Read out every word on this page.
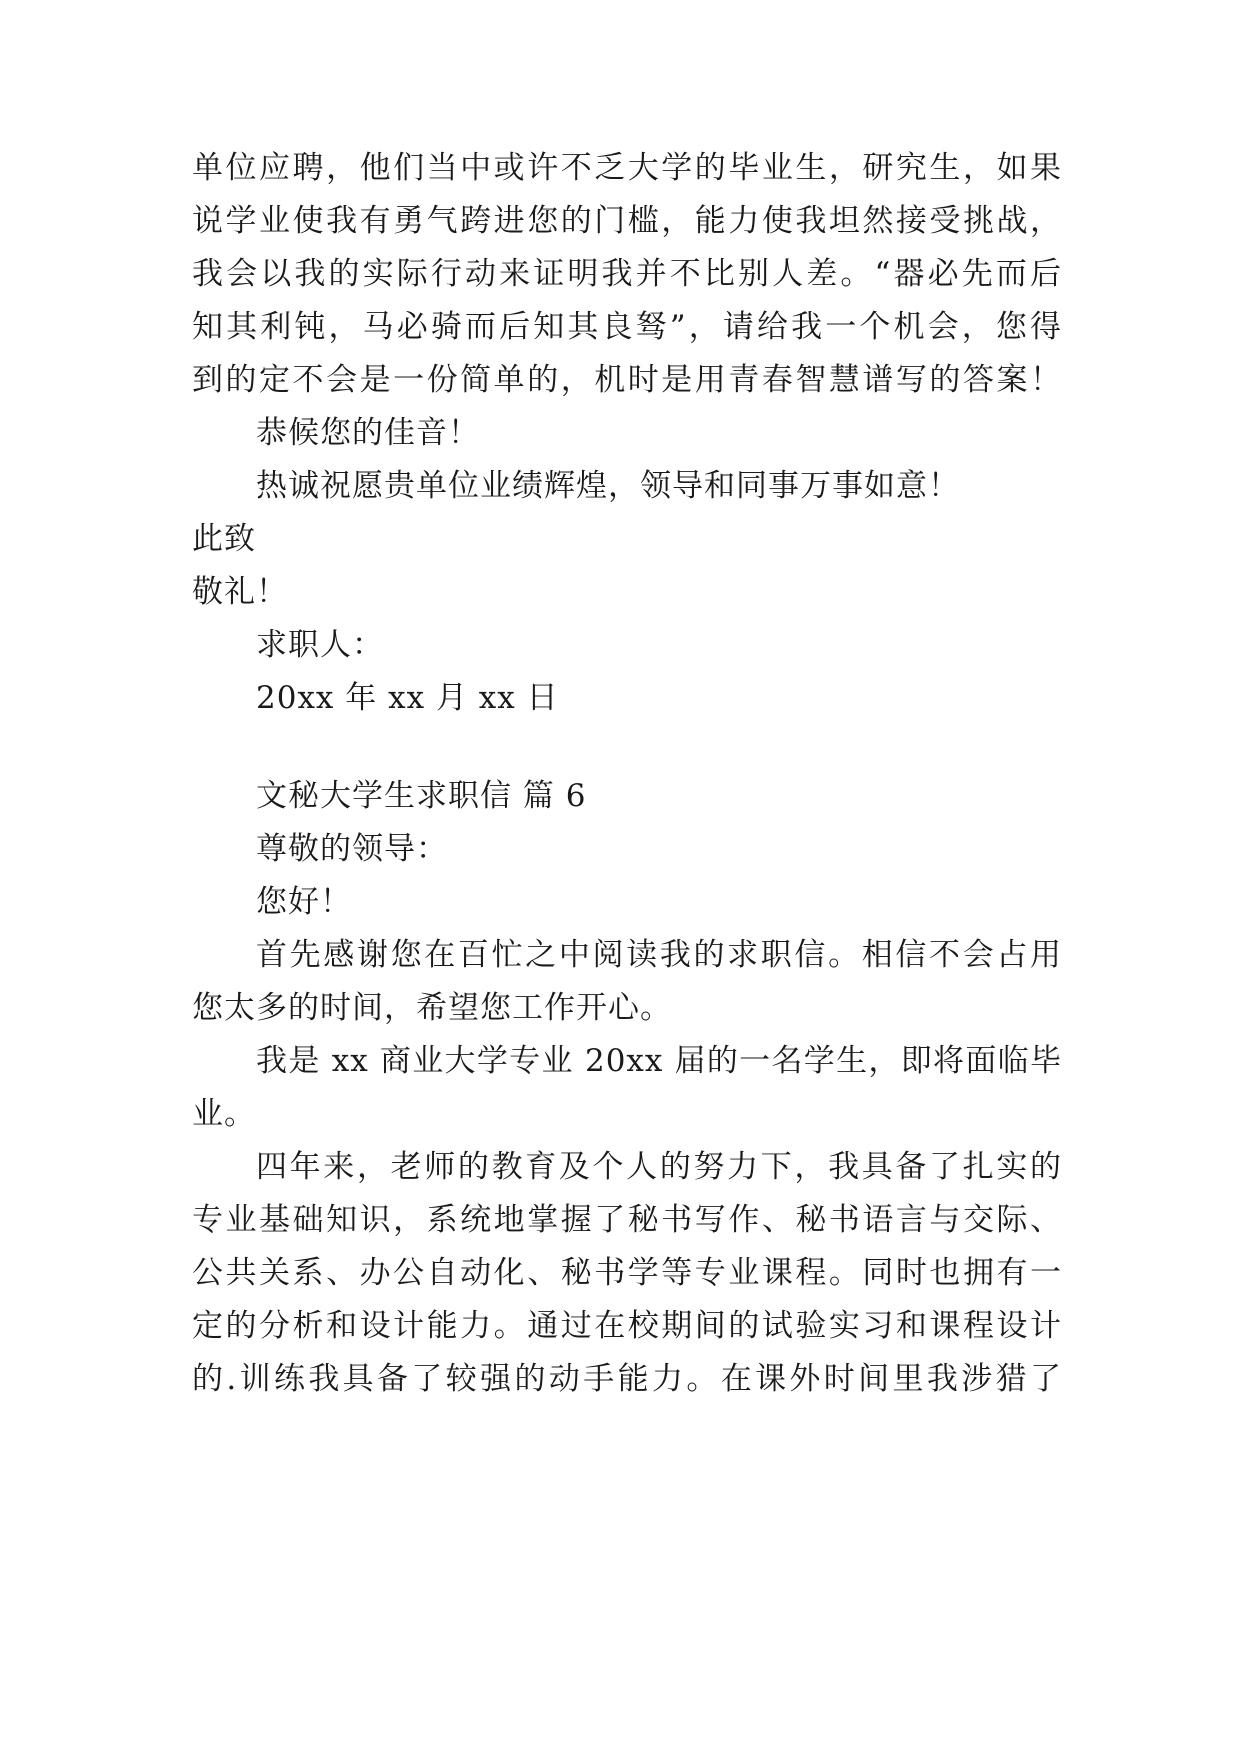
单位应聘，他们当中或许不乏大学的毕业生，研究生，如果
说学业使我有勇气跨进您的门槛，能力使我坦然接受挑战，
我会以我的实际行动来证明我并不比别人差。“器必先而后
知其利钝，马必骑而后知其良驽”，请给我一个机会，您得
到的定不会是一份简单的，机时是用青春智慧谱写的答案！
恭候您的佳音！
热诚祝愿贵单位业绩辉煌，领导和同事万事如意！
此致
敬礼！
求职人：
20xx 年 xx 月 xx 日
文秘大学生求职信 篇 6
尊敬的领导：
您好！
首先感谢您在百忙之中阅读我的求职信。相信不会占用
您太多的时间，希望您工作开心。
我是 xx 商业大学专业 20xx 届的一名学生，即将面临毕
业。
四年来，老师的教育及个人的努力下，我具备了扎实的
专业基础知识，系统地掌握了秘书写作、秘书语言与交际、
公共关系、办公自动化、秘书学等专业课程。同时也拥有一
定的分析和设计能力。通过在校期间的试验实习和课程设计
的.训练我具备了较强的动手能力。在课外时间里我涉猎了
